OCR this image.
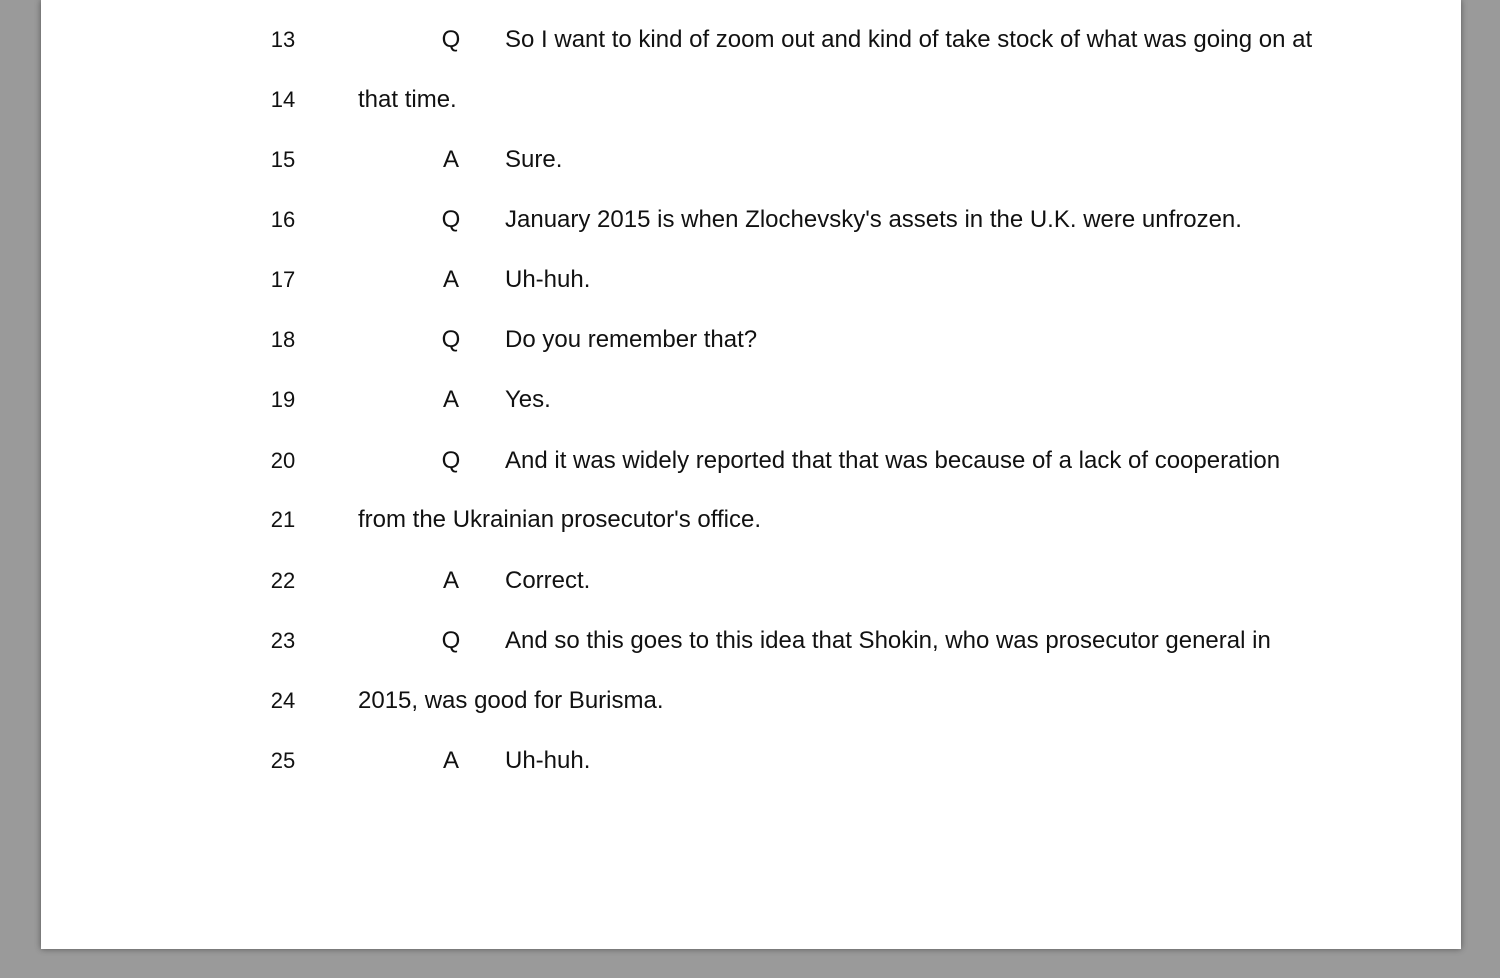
13	Q So I want to kind of zoom out and kind of take stock of what was going on at
14	that time.
15	A Sure.
16	Q January 2015 is when Zlochevsky's assets in the U.K. were unfrozen.
17	A Uh-huh.
18	Q Do you remember that?
19	A Yes.
20	Q And it was widely reported that that was because of a lack of cooperation
21	from the Ukrainian prosecutor's office.
22	A Correct.
23	Q And so this goes to this idea that Shokin, who was prosecutor general in
24	2015, was good for Burisma.
25	A Uh-huh.
